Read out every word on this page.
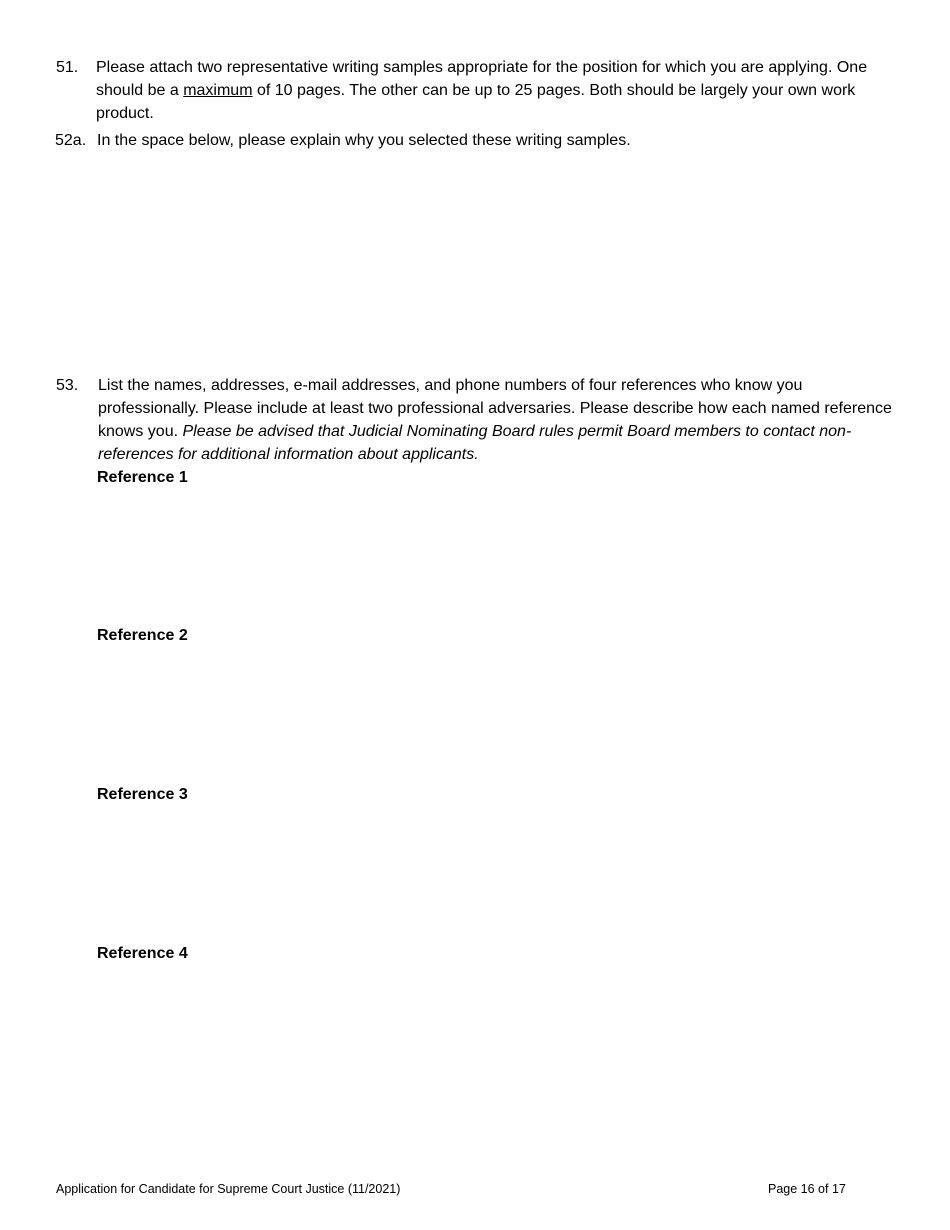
51. Please attach two representative writing samples appropriate for the position for which you are applying. One should be a maximum of 10 pages. The other can be up to 25 pages. Both should be largely your own work product.
52a. In the space below, please explain why you selected these writing samples.
53. List the names, addresses, e-mail addresses, and phone numbers of four references who know you professionally. Please include at least two professional adversaries. Please describe how each named reference knows you. Please be advised that Judicial Nominating Board rules permit Board members to contact non-references for additional information about applicants.
Reference 1
Reference 2
Reference 3
Reference 4
Application for Candidate for Supreme Court Justice (11/2021)	Page 16 of 17
